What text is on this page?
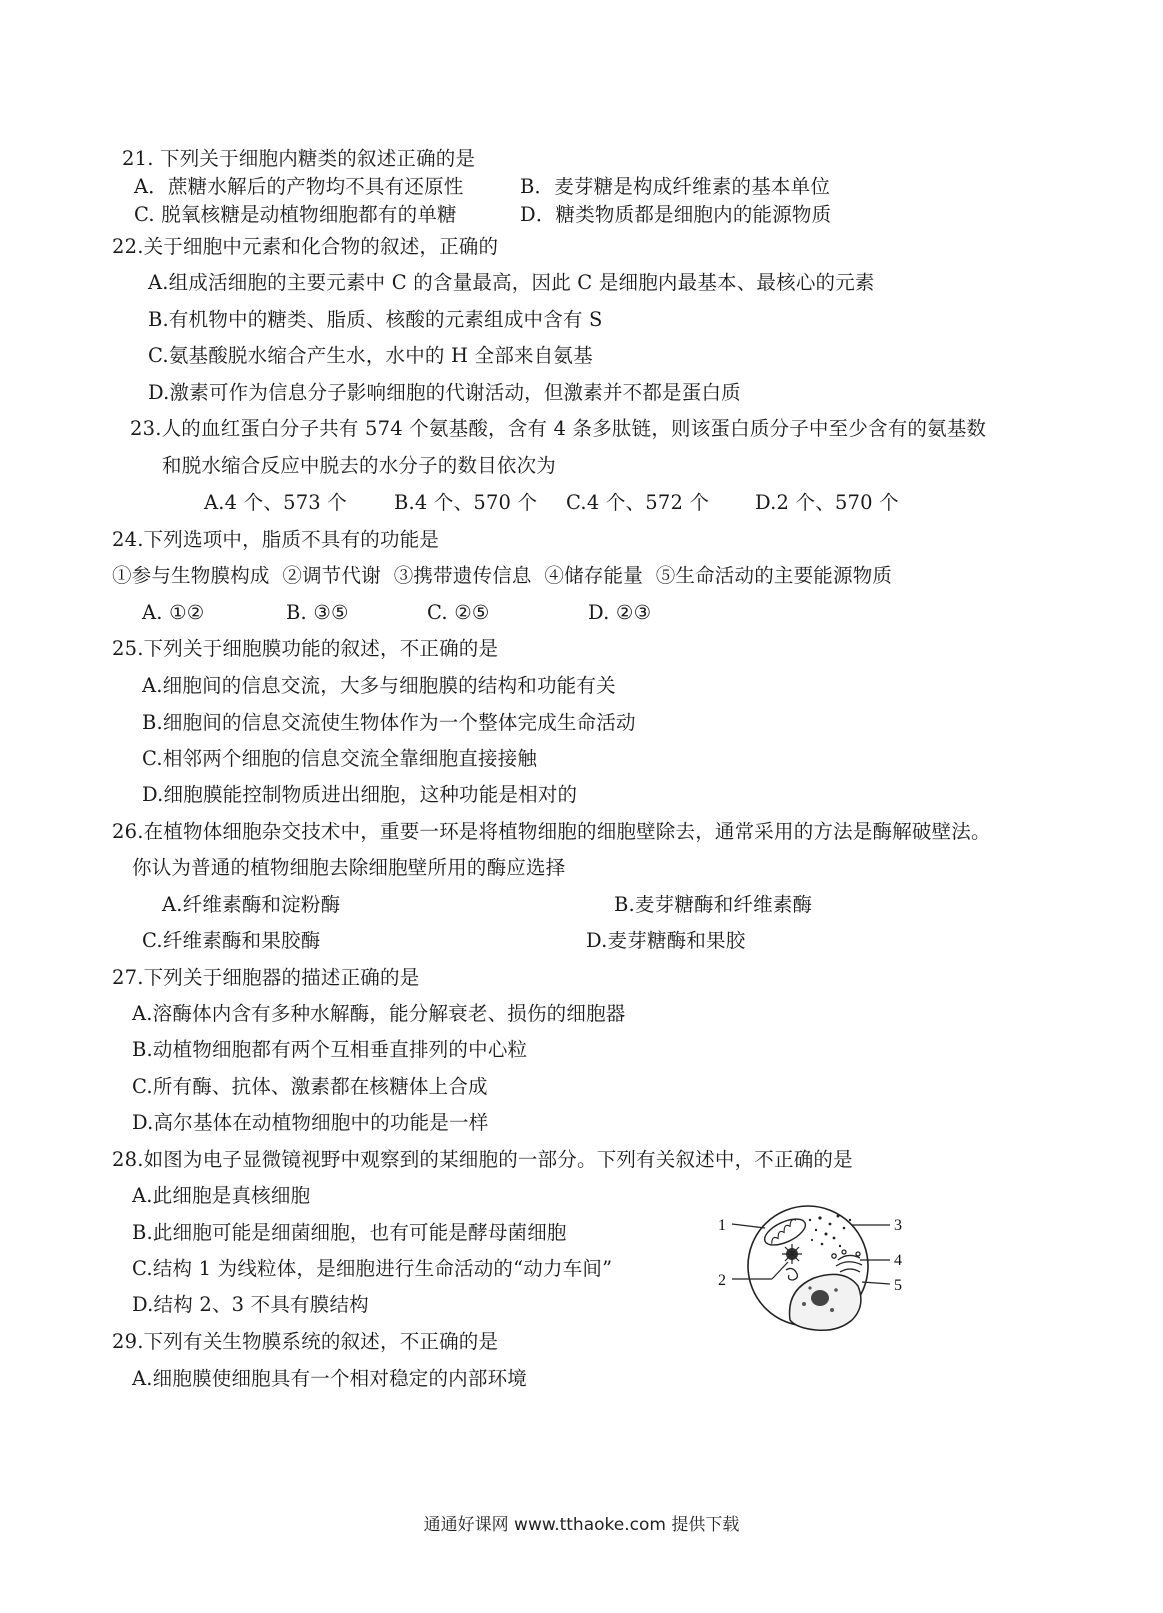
21. 下列关于细胞内糖类的叙述正确的是
A．蔗糖水解后的产物均不具有还原性	B．麦芽糖是构成纤维素的基本单位
C. 脱氧核糖是动植物细胞都有的单糖	D．糖类物质都是细胞内的能源物质
22.关于细胞中元素和化合物的叙述，正确的
A.组成活细胞的主要元素中 C 的含量最高，因此 C 是细胞内最基本、最核心的元素
B.有机物中的糖类、脂质、核酸的元素组成中含有 S
C.氨基酸脱水缩合产生水，水中的 H 全部来自氨基
D.激素可作为信息分子影响细胞的代谢活动，但激素并不都是蛋白质
23.人的血红蛋白分子共有 574 个氨基酸，含有 4 条多肽链，则该蛋白质分子中至少含有的氨基数
和脱水缩合反应中脱去的水分子的数目依次为
A.4 个、573 个 B.4 个、570 个 C.4 个、572 个 D.2 个、570 个
24.下列选项中，脂质不具有的功能是
①参与生物膜构成  ②调节代谢  ③携带遗传信息  ④储存能量  ⑤生命活动的主要能源物质
A. ①②	B. ③⑤	C. ②⑤	D. ②③
25.下列关于细胞膜功能的叙述，不正确的是
A.细胞间的信息交流，大多与细胞膜的结构和功能有关
B.细胞间的信息交流使生物体作为一个整体完成生命活动
C.相邻两个细胞的信息交流全靠细胞直接接触
D.细胞膜能控制物质进出细胞，这种功能是相对的
26.在植物体细胞杂交技术中，重要一环是将植物细胞的细胞壁除去，通常采用的方法是酶解破壁法。
你认为普通的植物细胞去除细胞壁所用的酶应选择
A.纤维素酶和淀粉酶	B.麦芽糖酶和纤维素酶
C.纤维素酶和果胶酶	D.麦芽糖酶和果胶
27.下列关于细胞器的描述正确的是
A.溶酶体内含有多种水解酶，能分解衰老、损伤的细胞器
B.动植物细胞都有两个互相垂直排列的中心粒
C.所有酶、抗体、激素都在核糖体上合成
D.高尔基体在动植物细胞中的功能是一样
28.如图为电子显微镜视野中观察到的某细胞的一部分。下列有关叙述中，不正确的是
A.此细胞是真核细胞
B.此细胞可能是细菌细胞，也有可能是酵母菌细胞
C.结构 1 为线粒体，是细胞进行生命活动的“动力车间”
D.结构 2、3 不具有膜结构
1
2
3
4
5
29.下列有关生物膜系统的叙述，不正确的是
A.细胞膜使细胞具有一个相对稳定的内部环境
通通好课网 www.tthaoke.com 提供下载
